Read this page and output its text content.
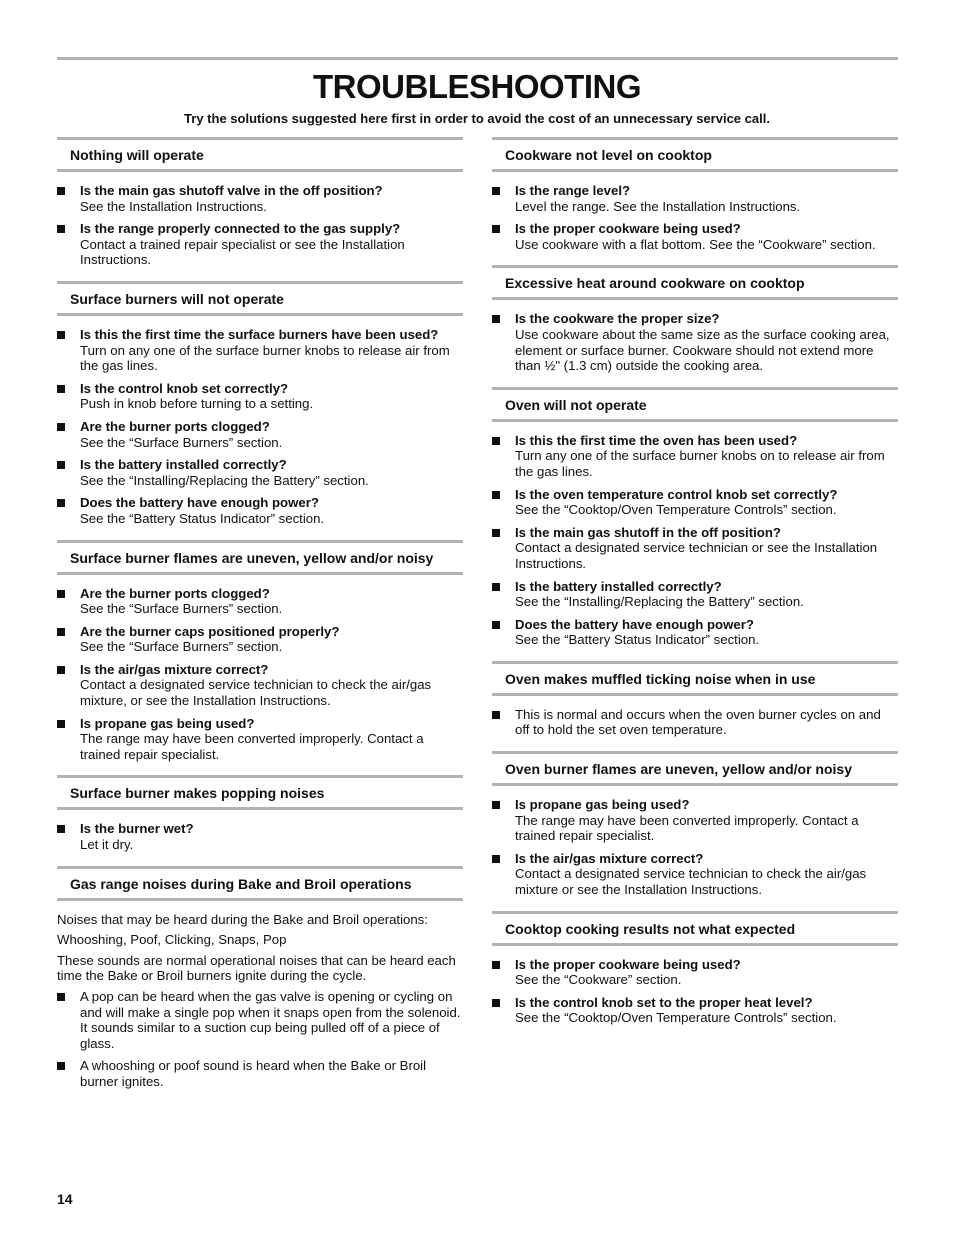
TROUBLESHOOTING
Try the solutions suggested here first in order to avoid the cost of an unnecessary service call.
Nothing will operate
Is the main gas shutoff valve in the off position?
See the Installation Instructions.
Is the range properly connected to the gas supply?
Contact a trained repair specialist or see the Installation Instructions.
Surface burners will not operate
Is this the first time the surface burners have been used?
Turn on any one of the surface burner knobs to release air from the gas lines.
Is the control knob set correctly?
Push in knob before turning to a setting.
Are the burner ports clogged?
See the “Surface Burners” section.
Is the battery installed correctly?
See the “Installing/Replacing the Battery” section.
Does the battery have enough power?
See the “Battery Status Indicator” section.
Surface burner flames are uneven, yellow and/or noisy
Are the burner ports clogged?
See the “Surface Burners” section.
Are the burner caps positioned properly?
See the “Surface Burners” section.
Is the air/gas mixture correct?
Contact a designated service technician to check the air/gas mixture, or see the Installation Instructions.
Is propane gas being used?
The range may have been converted improperly. Contact a trained repair specialist.
Surface burner makes popping noises
Is the burner wet?
Let it dry.
Gas range noises during Bake and Broil operations

Noises that may be heard during the Bake and Broil operations:

Whooshing, Poof, Clicking, Snaps, Pop

These sounds are normal operational noises that can be heard each time the Bake or Broil burners ignite during the cycle.

A pop can be heard when the gas valve is opening or cycling on and will make a single pop when it snaps open from the solenoid. It sounds similar to a suction cup being pulled off of a piece of glass.
A whooshing or poof sound is heard when the Bake or Broil burner ignites.
Cookware not level on cooktop
Is the range level?
Level the range. See the Installation Instructions.
Is the proper cookware being used?
Use cookware with a flat bottom. See the “Cookware” section.
Excessive heat around cookware on cooktop
Is the cookware the proper size?
Use cookware about the same size as the surface cooking area, element or surface burner. Cookware should not extend more than ½" (1.3 cm) outside the cooking area.
Oven will not operate
Is this the first time the oven has been used?
Turn any one of the surface burner knobs on to release air from the gas lines.
Is the oven temperature control knob set correctly?
See the “Cooktop/Oven Temperature Controls” section.
Is the main gas shutoff in the off position?
Contact a designated service technician or see the Installation Instructions.
Is the battery installed correctly?
See the “Installing/Replacing the Battery” section.
Does the battery have enough power?
See the “Battery Status Indicator” section.
Oven makes muffled ticking noise when in use
This is normal and occurs when the oven burner cycles on and off to hold the set oven temperature.
Oven burner flames are uneven, yellow and/or noisy
Is propane gas being used?
The range may have been converted improperly. Contact a trained repair specialist.
Is the air/gas mixture correct?
Contact a designated service technician to check the air/gas mixture or see the Installation Instructions.
Cooktop cooking results not what expected
Is the proper cookware being used?
See the “Cookware” section.
Is the control knob set to the proper heat level?
See the “Cooktop/Oven Temperature Controls” section.
14
